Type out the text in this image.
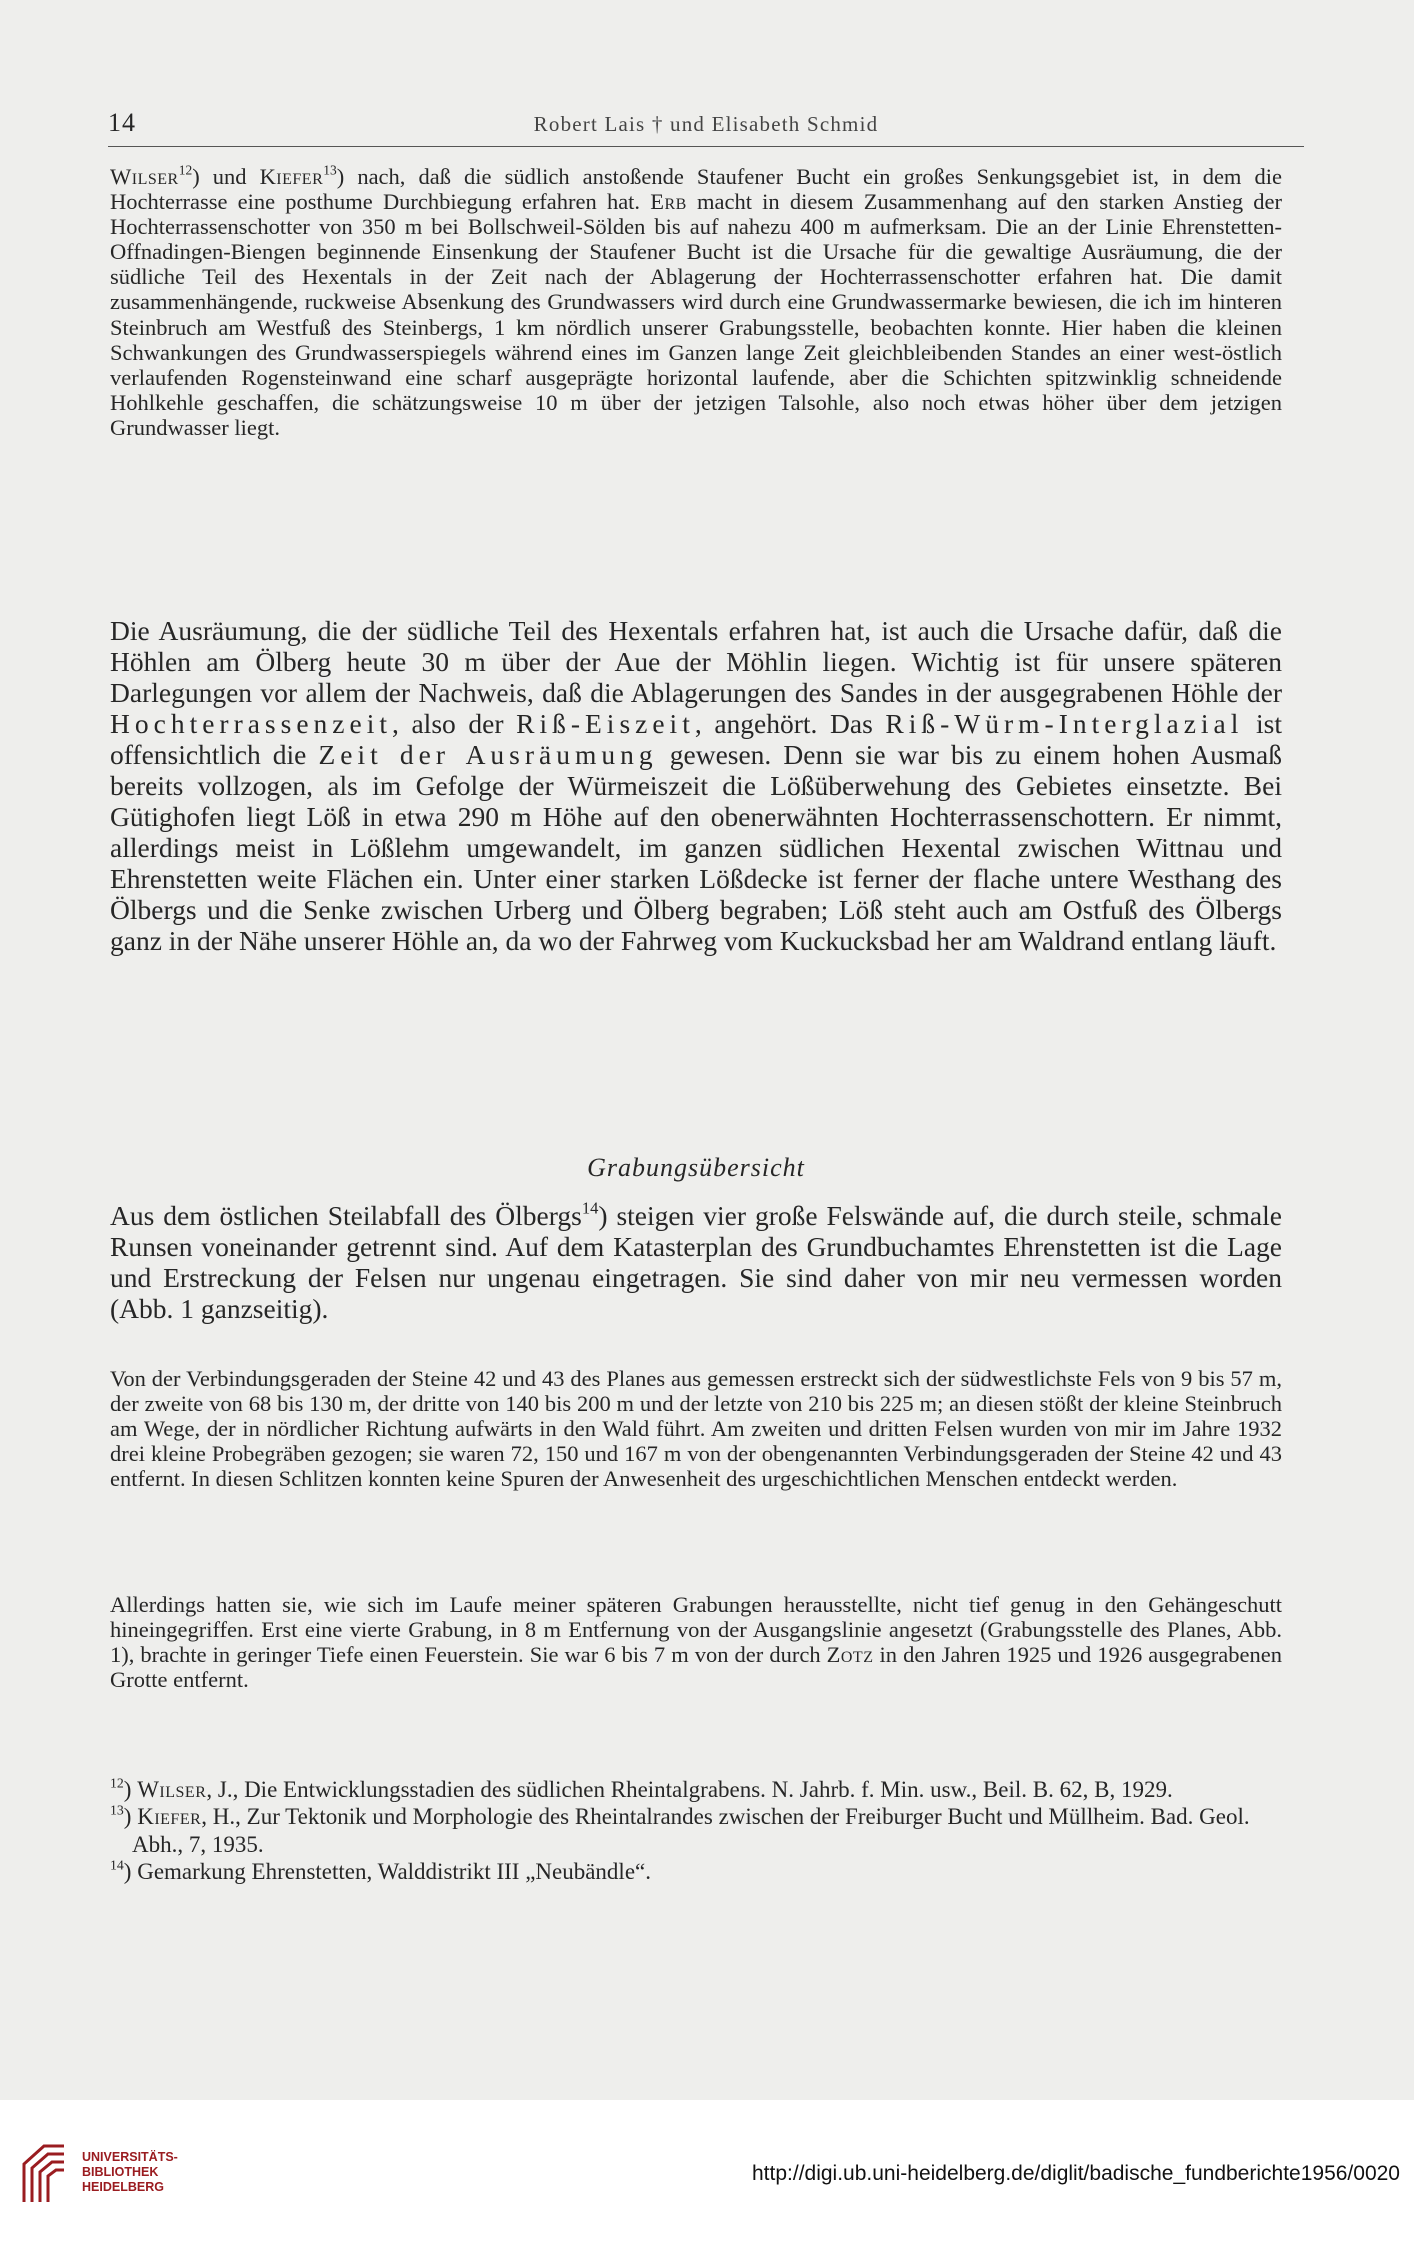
14	Robert Lais † und Elisabeth Schmid

Wilser$^{12}$) und Kiefer$^{13}$) nach, daß die südlich anstoßende Staufener Bucht ein großes Senkungsgebiet ist, in dem die Hochterrasse eine posthume Durchbiegung erfahren hat. Erb macht in diesem Zusammenhang auf den starken Anstieg der Hochterrassenschotter von 350 m bei Bollschweil-Sölden bis auf nahezu 400 m aufmerksam. Die an der Linie Ehrenstetten-Offnadingen-Biengen beginnende Einsenkung der Staufener Bucht ist die Ursache für die gewaltige Ausräumung, die der südliche Teil des Hexentals in der Zeit nach der Ablagerung der Hochterrassenschotter erfahren hat. Die damit zusammenhängende, ruckweise Absenkung des Grundwassers wird durch eine Grundwassermarke bewiesen, die ich im hinteren Steinbruch am Westfuß des Steinbergs, 1 km nördlich unserer Grabungsstelle, beobachten konnte. Hier haben die kleinen Schwankungen des Grundwasserspiegels während eines im Ganzen lange Zeit gleichbleibenden Standes an einer west-östlich verlaufenden Rogensteinwand eine scharf ausgeprägte horizontal laufende, aber die Schichten spitzwinklig schneidende Hohlkehle geschaffen, die schätzungsweise 10 m über der jetzigen Talsohle, also noch etwas höher über dem jetzigen Grundwasser liegt.

Die Ausräumung, die der südliche Teil des Hexentals erfahren hat, ist auch die Ursache dafür, daß die Höhlen am Ölberg heute 30 m über der Aue der Möhlin liegen. Wichtig ist für unsere späteren Darlegungen vor allem der Nachweis, daß die Ablagerungen des Sandes in der ausgegrabenen Höhle der Hochterrassenzeit, also der Riß-Eiszeit, angehört. Das Riß-Würm-Interglazial ist offensichtlich die Zeit der Ausräumung gewesen. Denn sie war bis zu einem hohen Ausmaß bereits vollzogen, als im Gefolge der Würmeiszeit die Lößüberwehung des Gebietes einsetzte. Bei Gütighofen liegt Löß in etwa 290 m Höhe auf den obenerwähnten Hochterrassenschottern. Er nimmt, allerdings meist in Lößlehm umgewandelt, im ganzen südlichen Hexental zwischen Wittnau und Ehrenstetten weite Flächen ein. Unter einer starken Lößdecke ist ferner der flache untere Westhang des Ölbergs und die Senke zwischen Urberg und Ölberg begraben; Löß steht auch am Ostfuß des Ölbergs ganz in der Nähe unserer Höhle an, da wo der Fahrweg vom Kuckucksbad her am Waldrand entlang läuft.

Grabungsübersicht

Aus dem östlichen Steilabfall des Ölbergs$^{14}$) steigen vier große Felswände auf, die durch steile, schmale Runsen voneinander getrennt sind. Auf dem Katasterplan des Grundbuchamtes Ehrenstetten ist die Lage und Erstreckung der Felsen nur ungenau eingetragen. Sie sind daher von mir neu vermessen worden (Abb. 1 ganzseitig).

Von der Verbindungsgeraden der Steine 42 und 43 des Planes aus gemessen erstreckt sich der südwestlichste Fels von 9 bis 57 m, der zweite von 68 bis 130 m, der dritte von 140 bis 200 m und der letzte von 210 bis 225 m; an diesen stößt der kleine Steinbruch am Wege, der in nördlicher Richtung aufwärts in den Wald führt. Am zweiten und dritten Felsen wurden von mir im Jahre 1932 drei kleine Probegräben gezogen; sie waren 72, 150 und 167 m von der obengenannten Verbindungsgeraden der Steine 42 und 43 entfernt. In diesen Schlitzen konnten keine Spuren der Anwesenheit des urgeschichtlichen Menschen entdeckt werden.

Allerdings hatten sie, wie sich im Laufe meiner späteren Grabungen herausstellte, nicht tief genug in den Gehängeschutt hineingegriffen. Erst eine vierte Grabung, in 8 m Entfernung von der Ausgangslinie angesetzt (Grabungsstelle des Planes, Abb. 1), brachte in geringer Tiefe einen Feuerstein. Sie war 6 bis 7 m von der durch Zotz in den Jahren 1925 und 1926 ausgegrabenen Grotte entfernt.

$^{12}$) Wilser, J., Die Entwicklungsstadien des südlichen Rheintalgrabens. N. Jahrb. f. Min. usw., Beil. B. 62, B, 1929.

$^{13}$) Kiefer, H., Zur Tektonik und Morphologie des Rheintalrandes zwischen der Freiburger Bucht und Müllheim. Bad. Geol. Abh., 7, 1935.

$^{14}$) Gemarkung Ehrenstetten, Walddistrikt III „Neubändle“.

UNIVERSITÄTS-
BIBLIOTHEK
HEIDELBERG
http://digi.ub.uni-heidelberg.de/diglit/badische_fundberichte1956/0020
